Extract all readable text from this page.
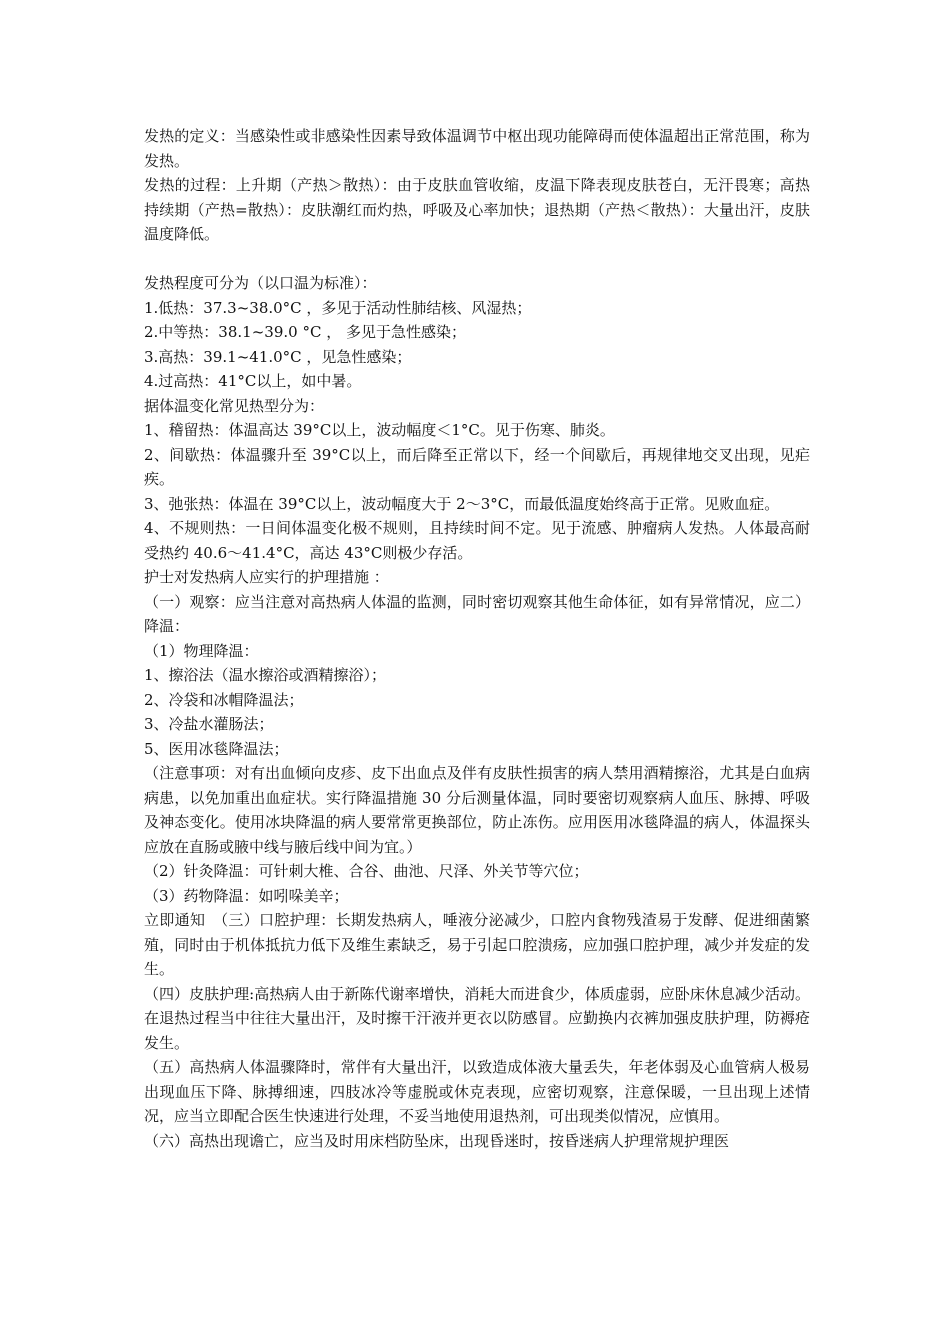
发热的定义：当感染性或非感染性因素导致体温调节中枢出现功能障碍而使体温超出正常范围，称为发热。

发热的过程：上升期（产热＞散热）：由于皮肤血管收缩，皮温下降表现皮肤苍白，无汗畏寒；高热持续期（产热=散热）：皮肤潮红而灼热，呼吸及心率加快；退热期（产热＜散热）：大量出汗，皮肤温度降低。

发热程度可分为（以口温为标准）：

1.低热：37.3~38.0°C ，多见于活动性肺结核、风湿热；

2.中等热：38.1~39.0 °C ， 多见于急性感染；

3.高热：39.1~41.0°C ，见急性感染；

4.过高热：41°C以上，如中暑。

据体温变化常见热型分为：

1、稽留热：体温高达 39°C以上，波动幅度＜1°C。见于伤寒、肺炎。

2、间歇热：体温骤升至 39°C以上，而后降至正常以下，经一个间歇后，再规律地交叉出现，见疟疾。

3、弛张热：体温在 39°C以上，波动幅度大于 2～3°C，而最低温度始终高于正常。见败血症。

4、不规则热：一日间体温变化极不规则，且持续时间不定。见于流感、肿瘤病人发热。人体最高耐受热约 40.6～41.4°C，高达 43°C则极少存活。

护士对发热病人应实行的护理措施 ：

（一）观察：应当注意对高热病人体温的监测，同时密切观察其他生命体征，如有异常情况，应二）降温：

（1）物理降温：

1、擦浴法（温水擦浴或酒精擦浴）；

2、冷袋和冰帽降温法；

3、冷盐水灌肠法；

5、医用冰毯降温法；

（注意事项：对有出血倾向皮疹、皮下出血点及伴有皮肤性损害的病人禁用酒精擦浴，尤其是白血病病患，以免加重出血症状。实行降温措施 30 分后测量体温，同时要密切观察病人血压、脉搏、呼吸及神态变化。使用冰块降温的病人要常常更换部位，防止冻伤。应用医用冰毯降温的病人，体温探头应放在直肠或腋中线与腋后线中间为宜。）

（2）针灸降温：可针刺大椎、合谷、曲池、尺泽、外关节等穴位；

（3）药物降温：如吲哚美辛；

立即通知　（三）口腔护理：长期发热病人，唾液分泌减少，口腔内食物残渣易于发酵、促进细菌繁殖，同时由于机体抵抗力低下及维生素缺乏，易于引起口腔溃疡，应加强口腔护理，减少并发症的发生。

（四）皮肤护理:高热病人由于新陈代谢率增快，消耗大而进食少，体质虚弱，应卧床休息减少活动。在退热过程当中往往大量出汗，及时擦干汗液并更衣以防感冒。应勤换内衣裤加强皮肤护理，防褥疮发生。

（五）高热病人体温骤降时，常伴有大量出汗，以致造成体液大量丢失，年老体弱及心血管病人极易出现血压下降、脉搏细速，四肢冰冷等虚脱或休克表现，应密切观察，注意保暖，一旦出现上述情况，应当立即配合医生快速进行处理，不妥当地使用退热剂，可出现类似情况，应慎用。

（六）高热出现谵亡，应当及时用床档防坠床，出现昏迷时，按昏迷病人护理常规护理医
